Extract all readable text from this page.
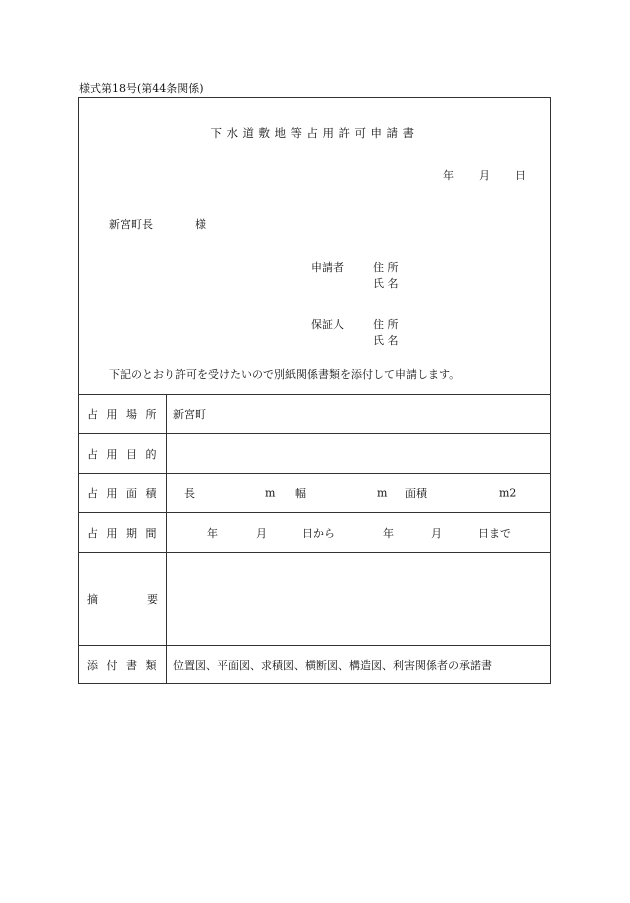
様式第18号(第44条関係)
下水道敷地等占用許可申請書
年 月 日
新宮町長	様
申請者	住 所
氏 名
保証人	住 所
氏 名
下記のとおり許可を受けたいので別紙関係書類を添付して申請します。
占用場所 新宮町
占用目的
占用面積 長	m 幅	m 面積	m2
占用期間	年	月	日から	年	月	日まで
摘	要
添付書類 位置図、平面図、求積図、横断図、構造図、利害関係者の承諾書
